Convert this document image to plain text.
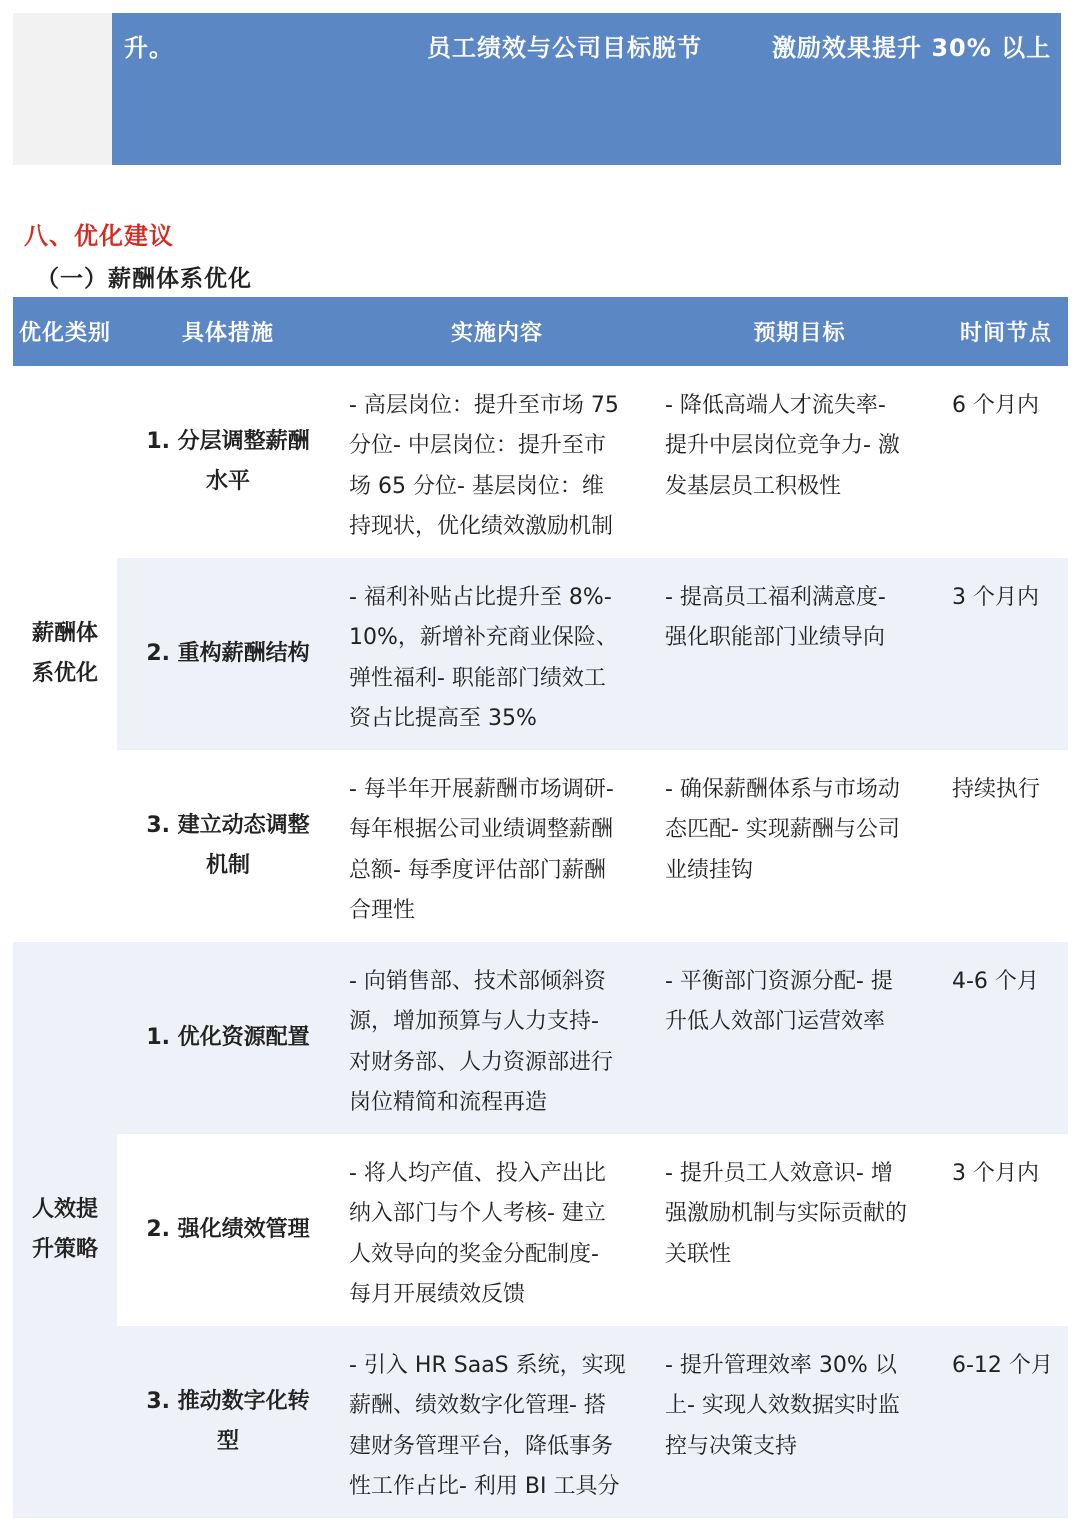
升。	员工绩效与公司目标脱节	激励效果提升 30% 以上
八、优化建议
（一）薪酬体系优化
优化类别	具体措施	实施内容	预期目标	时间节点

薪酬体
系优化	1. 分层调整薪酬
水平	- 高层岗位：提升至市场 75
分位- 中层岗位：提升至市
场 65 分位- 基层岗位：维
持现状，优化绩效激励机制	- 降低高端人才流失率-
提升中层岗位竞争力- 激
发基层员工积极性	6 个月内

	2. 重构薪酬结构	- 福利补贴占比提升至 8%-
10%，新增补充商业保险、
弹性福利- 职能部门绩效工
资占比提高至 35%	- 提高员工福利满意度-
强化职能部门业绩导向	3 个月内

	3. 建立动态调整
机制	- 每半年开展薪酬市场调研-
每年根据公司业绩调整薪酬
总额- 每季度评估部门薪酬
合理性	- 确保薪酬体系与市场动
态匹配- 实现薪酬与公司
业绩挂钩	持续执行

人效提
升策略	1. 优化资源配置	- 向销售部、技术部倾斜资
源，增加预算与人力支持-
对财务部、人力资源部进行
岗位精简和流程再造	- 平衡部门资源分配- 提
升低人效部门运营效率	4-6 个月

	2. 强化绩效管理	- 将人均产值、投入产出比
纳入部门与个人考核- 建立
人效导向的奖金分配制度-
每月开展绩效反馈	- 提升员工人效意识- 增
强激励机制与实际贡献的
关联性	3 个月内

	3. 推动数字化转
型	- 引入 HR SaaS 系统，实现
薪酬、绩效数字化管理- 搭
建财务管理平台，降低事务
性工作占比- 利用 BI 工具分	- 提升管理效率 30% 以
上- 实现人效数据实时监
控与决策支持	6-12 个月
